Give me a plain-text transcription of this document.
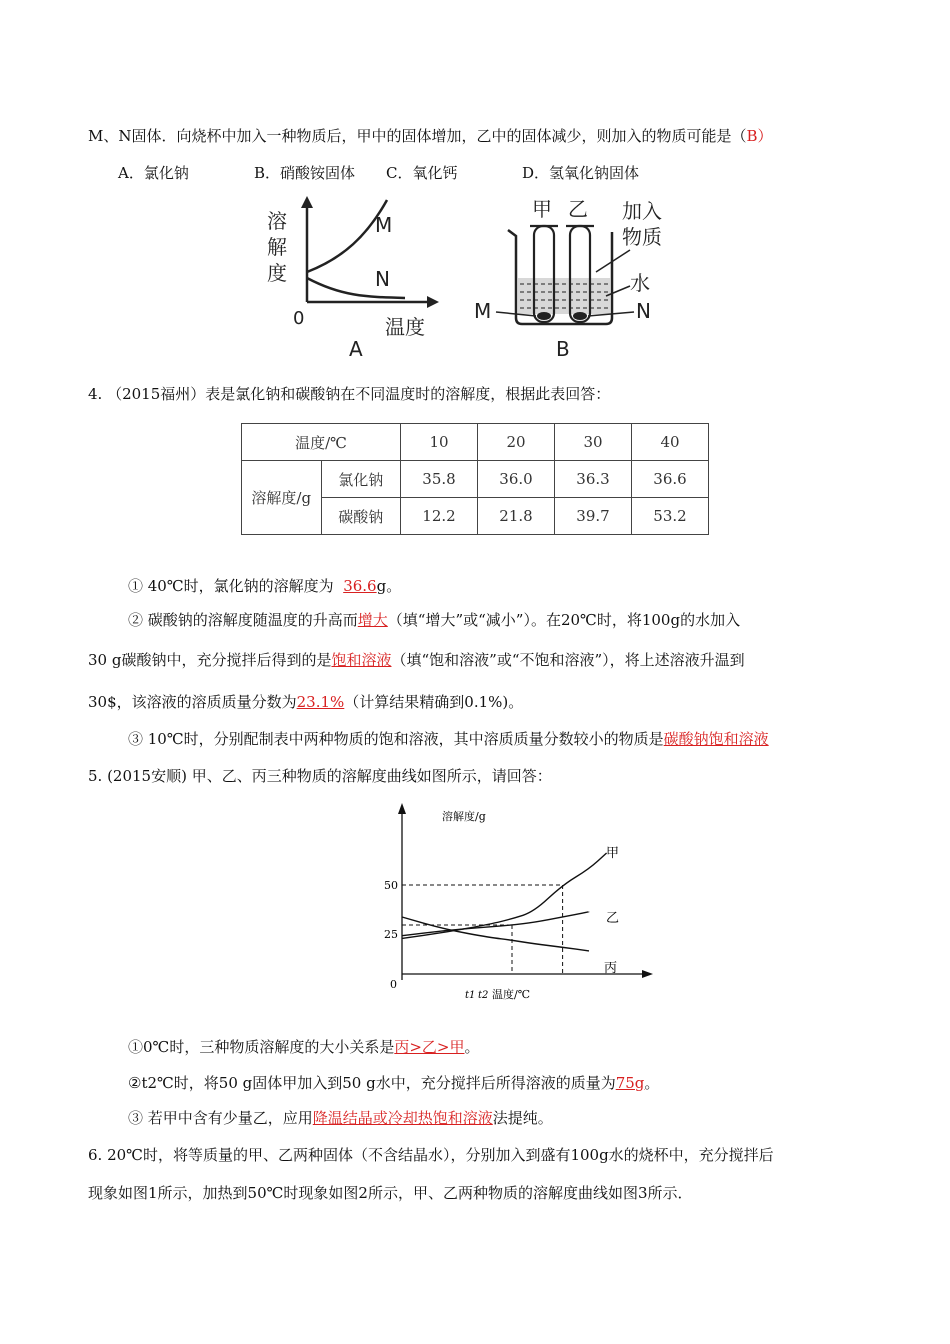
M、N固体．向烧杯中加入一种物质后，甲中的固体增加，乙中的固体减少，则加入的物质可能是（B）
A．氯化钠	B．硝酸铵固体 C．氧化钙	D．氢氧化钠固体
溶
解
度
M
N
0	温度
A
甲 乙 加入
物质
水
M	N
B
4. （2015福州）表是氯化钠和碳酸钠在不同温度时的溶解度，根据此表回答：
温度/℃		10	20	30	40
溶解度/g	氯化钠	35.8	36.0	36.3	36.6
	碳酸钠	12.2	21.8	39.7	53.2
① 40℃时，氯化钠的溶解度为 36.6g。
② 碳酸钠的溶解度随温度的升高而增大（填“增大”或“减小”）。在20℃时，将100g的水加入
30 g碳酸钠中，充分搅拌后得到的是饱和溶液（填“饱和溶液”或“不饱和溶液”），将上述溶液升温到
30$，该溶液的溶质质量分数为23.1%（计算结果精确到0.1%)。
③ 10℃时，分别配制表中两种物质的饱和溶液，其中溶质质量分数较小的物质是碳酸钠饱和溶液
5. (2015安顺) 甲、乙、丙三种物质的溶解度曲线如图所示，请回答：
溶解度/g
50
25
0
t1 t2 温度/℃
甲
乙
丙
①0℃时，三种物质溶解度的大小关系是丙>乙>甲。
②t2℃时，将50 g固体甲加入到50 g水中，充分搅拌后所得溶液的质量为75g。
③ 若甲中含有少量乙，应用降温结晶或冷却热饱和溶液法提纯。
6. 20℃时，将等质量的甲、乙两种固体（不含结晶水），分别加入到盛有100g水的烧杯中，充分搅拌后
现象如图1所示，加热到50℃时现象如图2所示，甲、乙两种物质的溶解度曲线如图3所示．
